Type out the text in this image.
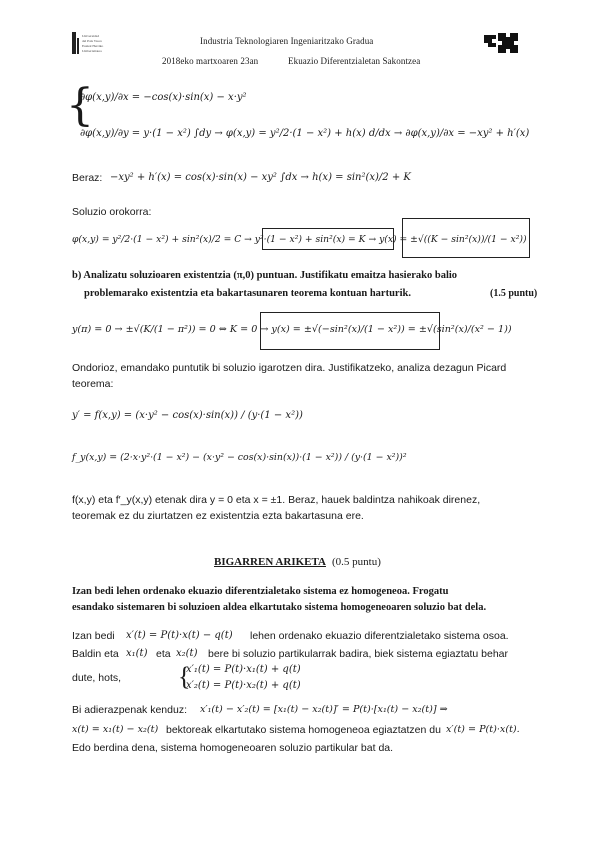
Universidad
del País Vasco
Euskal Herriko
Unibertsitatea
Industria Teknologiaren Ingeniaritzako Gradua
2018eko martxoaren 23an	Ekuazio Diferentzialetan Sakontzea
{
∂φ(x,y)/∂x = −cos(x)·sin(x) − x·y²
∂φ(x,y)/∂y = y·(1 − x²) ∫dy → φ(x,y) = y²/2·(1 − x²) + h(x) d/dx → ∂φ(x,y)/∂x = −xy² + h′(x)
Beraz: −xy² + h′(x) = cos(x)·sin(x) − xy² ∫dx → h(x) = sin²(x)/2 + K
Soluzio orokorra:
φ(x,y) = y²/2·(1 − x²) + sin²(x)/2 = C → y²·(1 − x²) + sin²(x) = K → y(x) = ±√((K − sin²(x))/(1 − x²))
b) Analizatu soluzioaren existentzia (π,0) puntuan. Justifikatu emaitza hasierako balio
problemarako existentzia eta bakartasunaren teorema kontuan harturik.	(1.5 puntu)
y(π) = 0 → ±√(K/(1 − π²)) = 0 ⇔ K = 0 → y(x) = ±√(−sin²(x)/(1 − x²)) = ±√(sin²(x)/(x² − 1))
Ondorioz, emandako puntutik bi soluzio igarotzen dira. Justifikatzeko, analiza dezagun Picard
teorema:
y′ = f(x,y) = (x·y² − cos(x)·sin(x)) / (y·(1 − x²))
f_y(x,y) = (2·x·y²·(1 − x²) − (x·y² − cos(x)·sin(x))·(1 − x²)) / (y·(1 − x²))²
f(x,y) eta f′_y(x,y) etenak dira y = 0 eta x = ±1. Beraz, hauek baldintza nahikoak direnez,
teoremak ez du ziurtatzen ez existentzia ezta bakartasuna ere.
BIGARREN ARIKETA (0.5 puntu)
Izan bedi lehen ordenako ekuazio diferentzialetako sistema ez homogeneoa. Frogatu
esandako sistemaren bi soluzioen aldea elkartutako sistema homogeneoaren soluzio bat dela.
Izan bedi x′(t) = P(t)·x(t) − q(t) lehen ordenako ekuazio diferentzialetako sistema osoa.
Baldin eta x₁(t) eta x₂(t) bere bi soluzio partikularrak badira, biek sistema egiaztatu behar
dute, hots, {
x′₁(t) = P(t)·x₁(t) + q(t)
x′₂(t) = P(t)·x₂(t) + q(t)
Bi adierazpenak kenduz: x′₁(t) − x′₂(t) = [x₁(t) − x₂(t)]′ = P(t)·[x₁(t) − x₂(t)] ⇒
x(t) = x₁(t) − x₂(t) bektoreak elkartutako sistema homogeneoa egiaztatzen du x′(t) = P(t)·x(t).
Edo berdina dena, sistema homogeneoaren soluzio partikular bat da.
